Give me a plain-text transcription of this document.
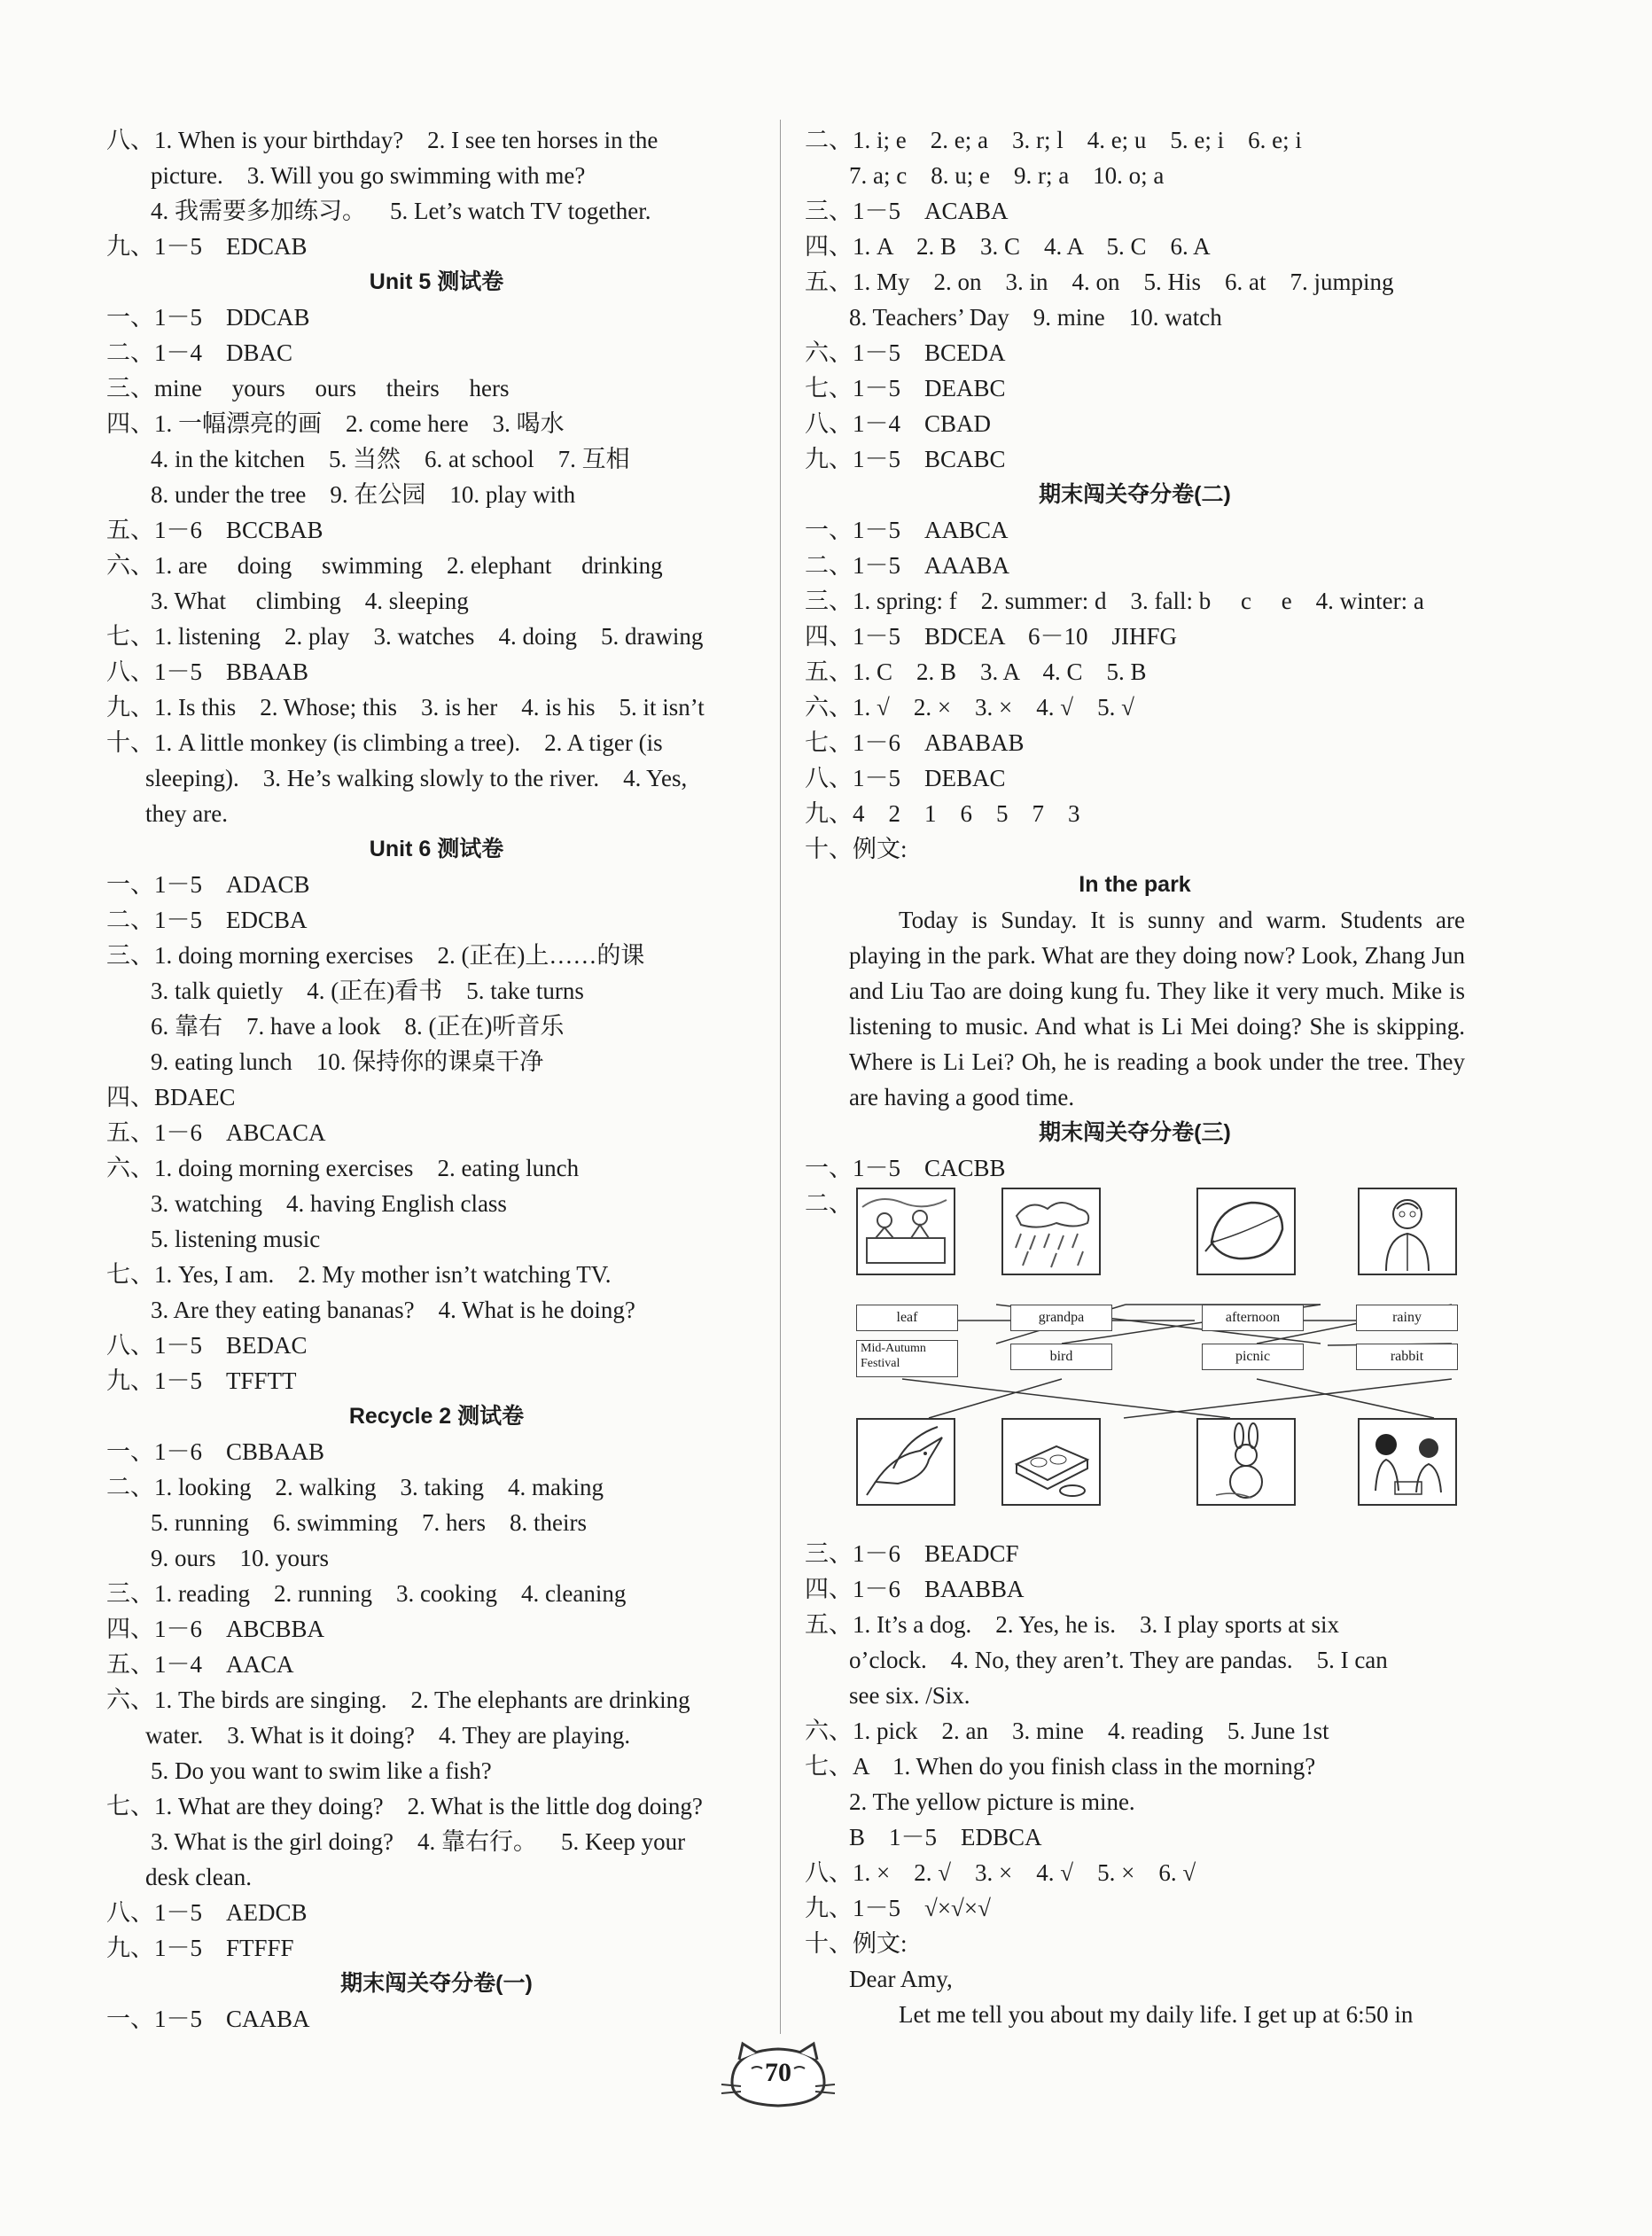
八、1. When is your birthday?    2. I see ten horses in the
picture.    3. Will you go swimming with me?
4. 我需要多加练习。    5. Let’s watch TV together.
九、1－5    EDCAB
Unit 5 测试卷
一、1－5    DDCAB
二、1－4    DBAC
三、mine     yours     ours     theirs     hers
四、1. 一幅漂亮的画    2. come here    3. 喝水
4. in the kitchen    5. 当然    6. at school    7. 互相
8. under the tree    9. 在公园    10. play with
五、1－6    BCCBAB
六、1. are     doing     swimming    2. elephant     drinking
3. What     climbing    4. sleeping
七、1. listening    2. play    3. watches    4. doing    5. drawing
八、1－5    BBAAB
九、1. Is this    2. Whose; this    3. is her    4. is his    5. it isn’t
十、1. A little monkey (is climbing a tree).    2. A tiger (is
sleeping).    3. He’s walking slowly to the river.    4. Yes,
they are.
Unit 6 测试卷
一、1－5    ADACB
二、1－5    EDCBA
三、1. doing morning exercises    2. (正在)上……的课
3. talk quietly    4. (正在)看书    5. take turns
6. 靠右    7. have a look    8. (正在)听音乐
9. eating lunch    10. 保持你的课桌干净
四、BDAEC
五、1－6    ABCACA
六、1. doing morning exercises    2. eating lunch
3. watching    4. having English class
5. listening music
七、1. Yes, I am.    2. My mother isn’t watching TV.
3. Are they eating bananas?    4. What is he doing?
八、1－5    BEDAC
九、1－5    TFFTT
Recycle 2 测试卷
一、1－6    CBBAAB
二、1. looking    2. walking    3. taking    4. making
5. running    6. swimming    7. hers    8. theirs
9. ours    10. yours
三、1. reading    2. running    3. cooking    4. cleaning
四、1－6    ABCBBA
五、1－4    AACA
六、1. The birds are singing.    2. The elephants are drinking
water.    3. What is it doing?    4. They are playing.
5. Do you want to swim like a fish?
七、1. What are they doing?    2. What is the little dog doing?
3. What is the girl doing?    4. 靠右行。    5. Keep your
desk clean.
八、1－5    AEDCB
九、1－5    FTFFF
期末闯关夺分卷(一)
一、1－5    CAABA
二、1. i; e    2. e; a    3. r; l    4. e; u    5. e; i    6. e; i
7. a; c    8. u; e    9. r; a    10. o; a
三、1－5    ACABA
四、1. A    2. B    3. C    4. A    5. C    6. A
五、1. My    2. on    3. in    4. on    5. His    6. at    7. jumping
8. Teachers’ Day    9. mine    10. watch
六、1－5    BCEDA
七、1－5    DEABC
八、1－4    CBAD
九、1－5    BCABC
期末闯关夺分卷(二)
一、1－5    AABCA
二、1－5    AAABA
三、1. spring: f    2. summer: d    3. fall: b     c     e    4. winter: a
四、1－5    BDCEA    6－10    JIHFG
五、1. C    2. B    3. A    4. C    5. B
六、1. √    2. ×    3. ×    4. √    5. √
七、1－6    ABABAB
八、1－5    DEBAC
九、4    2    1    6    5    7    3
十、例文:
In the park
Today is Sunday. It is sunny and warm. Students are playing in the park. What are they doing now? Look, Zhang Jun and Liu Tao are doing kung fu. They like it very much. Mike is listening to music. And what is Li Mei doing? She is skipping. Where is Li Lei? Oh, he is reading a book under the tree. They are having a good time.
期末闯关夺分卷(三)
一、1－5    CACBB
二、
leaf	grandpa	afternoon	rainy
Mid-Autumn Festival	bird	picnic	rabbit
三、1－6    BEADCF
四、1－6    BAABBA
五、1. It’s a dog.    2. Yes, he is.    3. I play sports at six
o’clock.    4. No, they aren’t. They are pandas.    5. I can
see six. /Six.
六、1. pick    2. an    3. mine    4. reading    5. June 1st
七、A    1. When do you finish class in the morning?
2. The yellow picture is mine.
B    1－5    EDBCA
八、1. ×    2. √    3. ×    4. √    5. ×    6. √
九、1－5    √×√×√
十、例文:
Dear Amy,
Let me tell you about my daily life. I get up at 6:50 in
70
